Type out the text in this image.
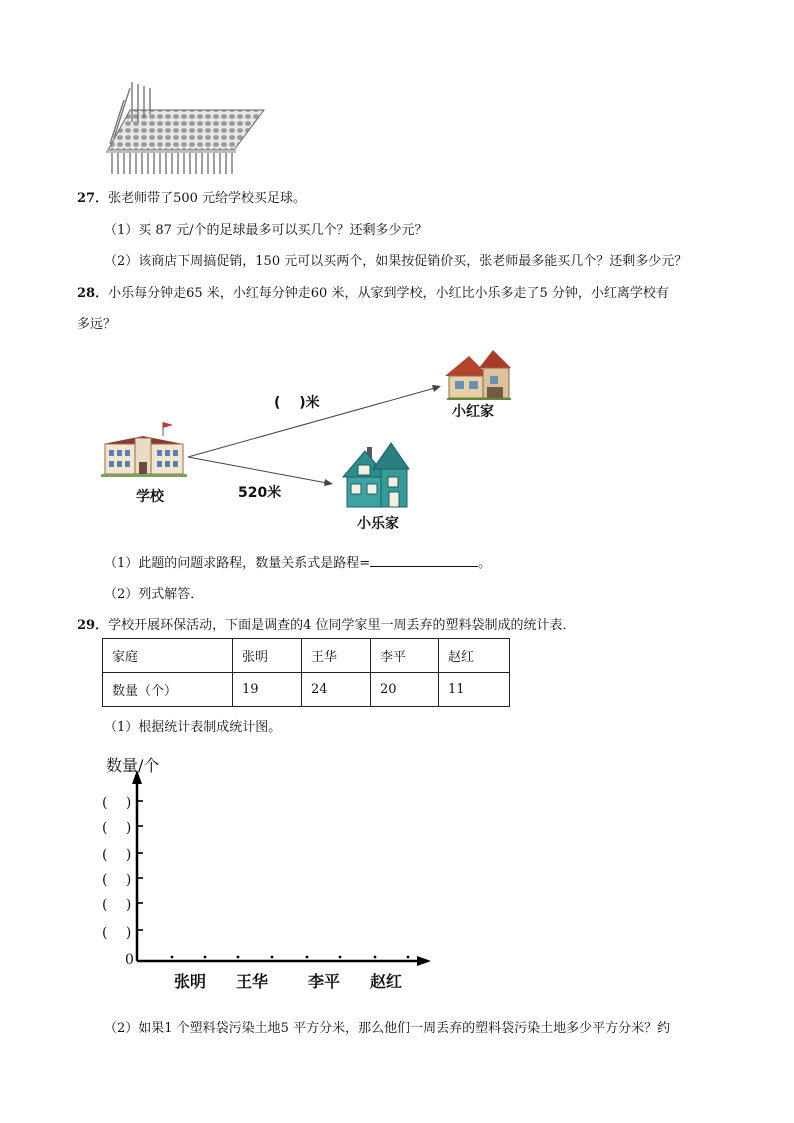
27．张老师带了500 元给学校买足球。
（1）买 87 元/个的足球最多可以买几个？还剩多少元？
（2）该商店下周搞促销，150 元可以买两个，如果按促销价买，张老师最多能买几个？还剩多少元？
28．小乐每分钟走65 米，小红每分钟走60 米，从家到学校，小红比小乐多走了5 分钟，小红离学校有
多远？
(　 )米
小红家
学校	520米
小乐家
（1）此题的问题求路程，数量关系式是路程=	。
（2）列式解答．
29．学校开展环保活动，下面是调查的4 位同学家里一周丢弃的塑料袋制成的统计表．
家庭	张明	王华	李平	赵红
数量（个）	19	24	20	11
（1）根据统计表制成统计图。
数量/个
(　 )
(　 )
(　 )
(　 )
(　 )
(　 )
0
张明 王华 李平 赵红
（2）如果1 个塑料袋污染土地5 平方分米，那么他们一周丢弃的塑料袋污染土地多少平方分米？约
